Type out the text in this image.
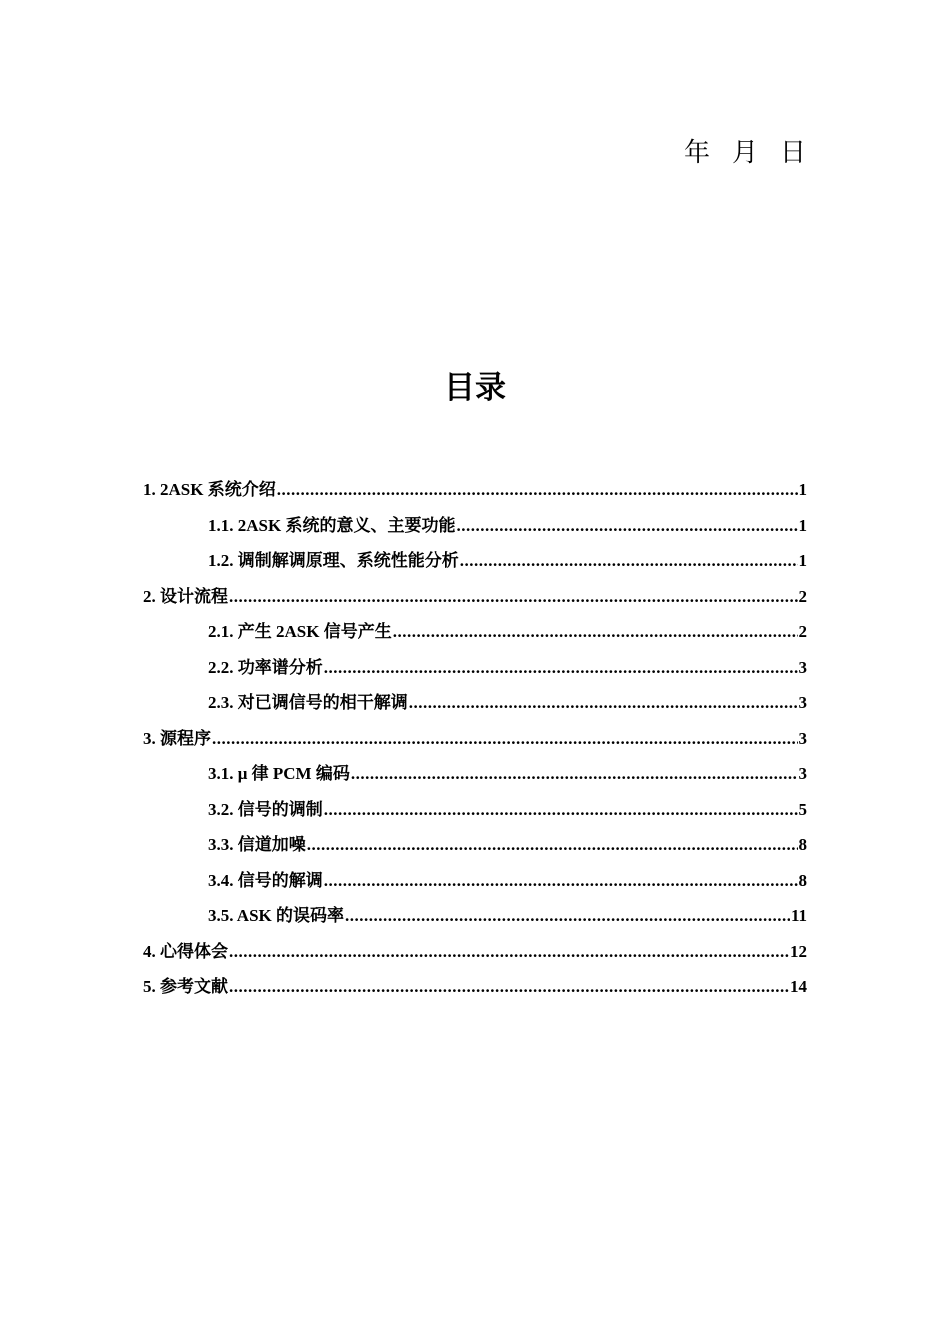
年 月 日
目录
1. 2ASK 系统介绍 .....	1
1.1. 2ASK 系统的意义、主要功能 .....	1
1.2. 调制解调原理、系统性能分析 .....	1
2. 设计流程 .....	2
2.1. 产生 2ASK 信号产生 .....	2
2.2. 功率谱分析 .....	3
2.3. 对已调信号的相干解调 .....	3
3. 源程序 .....	3
3.1. μ 律 PCM 编码 .....	3
3.2. 信号的调制 .....	5
3.3. 信道加噪 .....	8
3.4. 信号的解调 .....	8
3.5. ASK 的误码率 .....	11
4. 心得体会 .....	12
5. 参考文献 .....	14
